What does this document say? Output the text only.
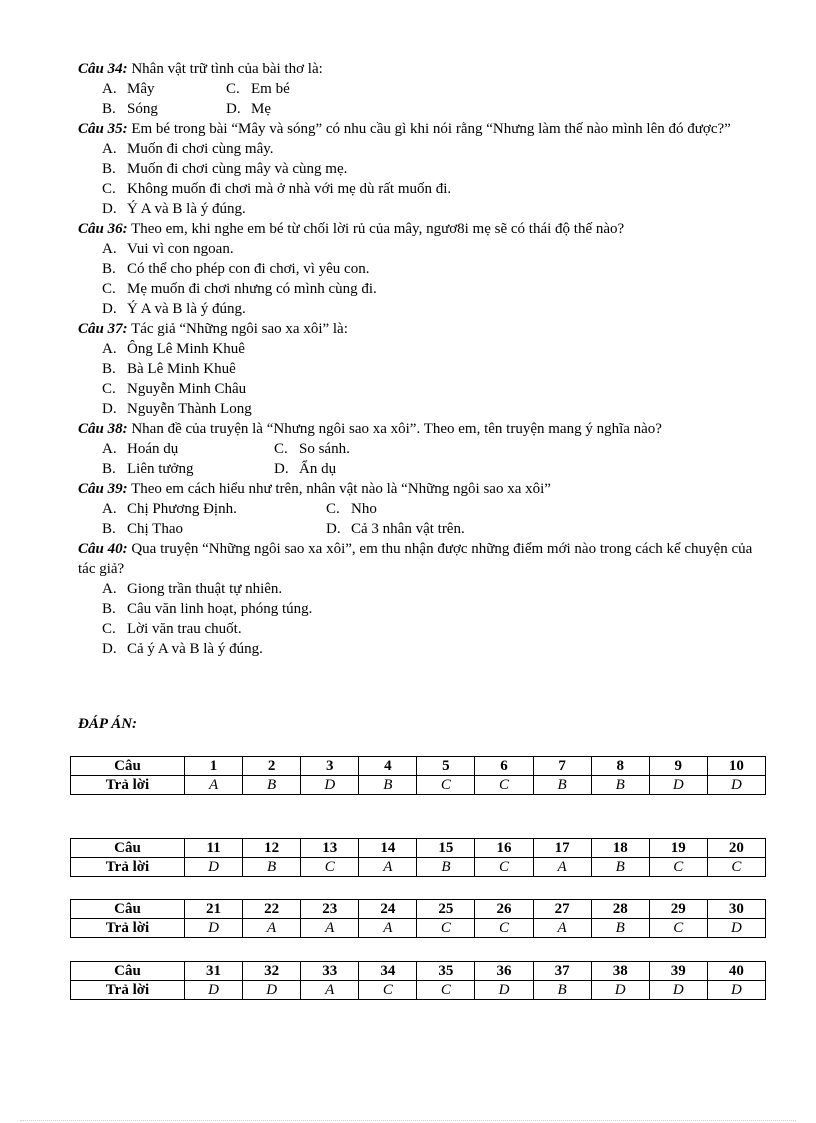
Câu 34: Nhân vật trữ tình của bài thơ là:

A. Mây	C. Em bé
B. Sóng	D. Mẹ

Câu 35: Em bé trong bài “Mây và sóng” có nhu cầu gì khi nói rằng “Nhưng làm thế nào mình lên đó được?”

A. Muốn đi chơi cùng mây.
B. Muốn đi chơi cùng mây và cùng mẹ.
C. Không muốn đi chơi mà ở nhà với mẹ dù rất muốn đi.
D. Ý A và B là ý đúng.

Câu 36: Theo em, khi nghe em bé từ chối lời rủ của mây, ngươ8i mẹ sẽ có thái độ thế nào?

A. Vui vì con ngoan.
B. Có thể cho phép con đi chơi, vì yêu con.
C. Mẹ muốn đi chơi nhưng có mình cùng đi.
D. Ý A và B là ý đúng.

Câu 37: Tác giả “Những ngôi sao xa xôi” là:

A. Ông Lê Minh Khuê
B. Bà Lê Minh Khuê
C. Nguyễn Minh Châu
D. Nguyễn Thành Long

Câu 38: Nhan đề của truyện là “Nhưng ngôi sao xa xôi”. Theo em, tên truyện mang ý nghĩa nào?

A. Hoán dụ	C. So sánh.
B. Liên tưởng	D. Ẩn dụ

Câu 39: Theo em cách hiểu như trên, nhân vật nào là “Những ngôi sao xa xôi”

A. Chị Phương Định.	C. Nho
B. Chị Thao	D. Cả 3 nhân vật trên.

Câu 40: Qua truyện “Những ngôi sao xa xôi”, em thu nhận được những điểm mới nào trong cách kể chuyện của tác giả?

A. Giong trần thuật tự nhiên.
B. Câu văn linh hoạt, phóng túng.
C. Lời văn trau chuốt.
D. Cả ý A và B là ý đúng.
ĐÁP ÁN:
Câu	1	2	3	4	5	6	7	8	9	10
Trả lời	A	B	D	B	C	C	B	B	D	D
Câu	11	12	13	14	15	16	17	18	19	20
Trả lời	D	B	C	A	B	C	A	B	C	C
Câu	21	22	23	24	25	26	27	28	29	30
Trả lời	D	A	A	A	C	C	A	B	C	D
Câu	31	32	33	34	35	36	37	38	39	40
Trả lời	D	D	A	C	C	D	B	D	D	D
